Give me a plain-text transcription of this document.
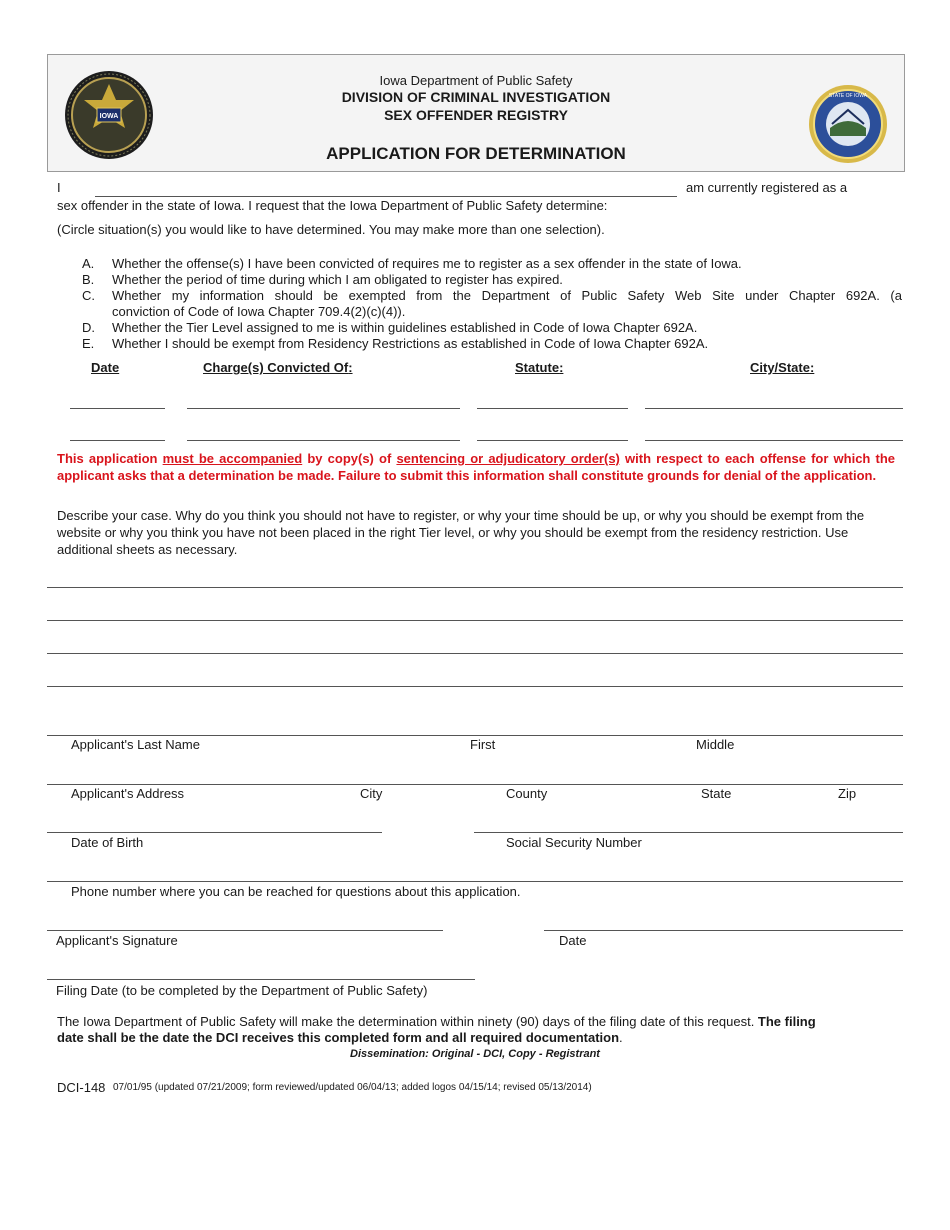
IOWA
STATE OF IOWA
Iowa Department of Public Safety
DIVISION OF CRIMINAL INVESTIGATION
SEX OFFENDER REGISTRY
APPLICATION FOR DETERMINATION
I	am currently registered as a
sex offender in the state of Iowa. I request that the Iowa Department of Public Safety determine:
(Circle situation(s) you would like to have determined. You may make more than one selection).
A. Whether the offense(s) I have been convicted of requires me to register as a sex offender in the state of Iowa.
B. Whether the period of time during which I am obligated to register has expired.
C. Whether my information should be exempted from the Department of Public Safety Web Site under Chapter 692A. (a
conviction of Code of Iowa Chapter 709.4(2)(c)(4)).
D. Whether the Tier Level assigned to me is within guidelines established in Code of Iowa Chapter 692A.
E. Whether I should be exempt from Residency Restrictions as established in Code of Iowa Chapter 692A.
Date	Charge(s) Convicted Of:	Statute:	City/State:
This application must be accompanied by copy(s) of sentencing or adjudicatory order(s) with respect to each offense for which the applicant asks that a determination be made. Failure to submit this information shall constitute grounds for denial of the application.
Describe your case. Why do you think you should not have to register, or why your time should be up, or why you should be exempt from the website or why you think you have not been placed in the right Tier level, or why you should be exempt from the residency restriction. Use additional sheets as necessary.
Applicant's Last Name	First	Middle
Applicant's Address	City	County	State	Zip
Date of Birth	Social Security Number
Phone number where you can be reached for questions about this application.
Applicant's Signature	Date
Filing Date (to be completed by the Department of Public Safety)
The Iowa Department of Public Safety will make the determination within ninety (90) days of the filing date of this request. The filing
date shall be the date the DCI receives this completed form and all required documentation.
Dissemination: Original - DCI, Copy - Registrant
DCI-148 07/01/95 (updated 07/21/2009; form reviewed/updated 06/04/13; added logos 04/15/14; revised 05/13/2014)
